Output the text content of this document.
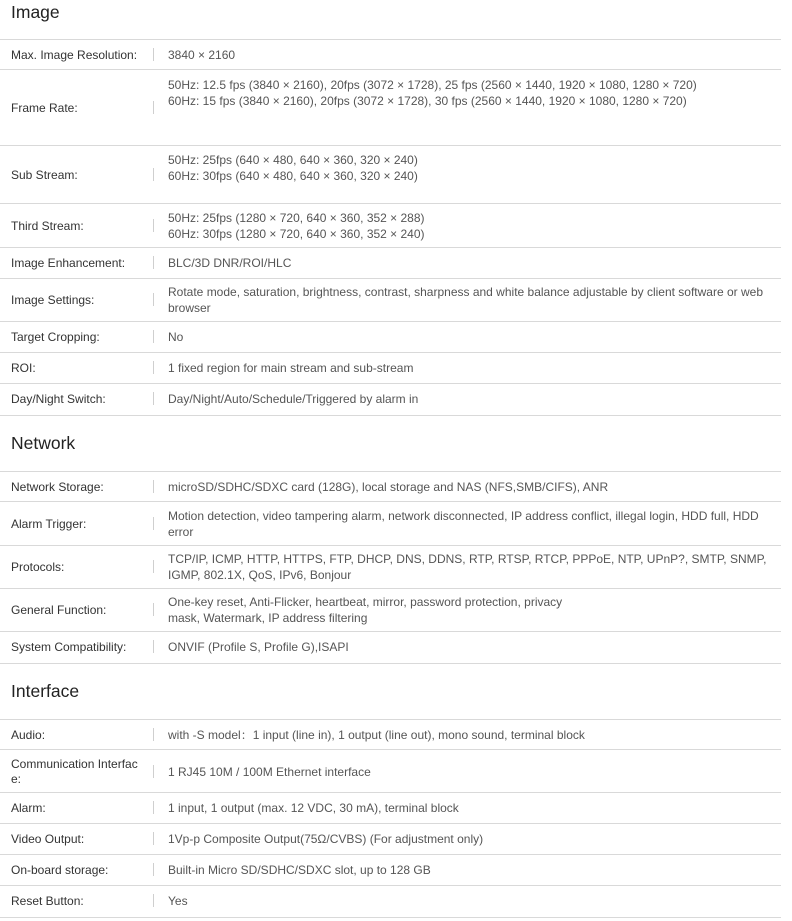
Image
Max. Image Resolution:	3840 × 2160
Frame Rate:
50Hz: 12.5 fps (3840 × 2160), 20fps (3072 × 1728), 25 fps (2560 × 1440, 1920 × 1080, 1280 × 720)
60Hz: 15 fps (3840 × 2160), 20fps (3072 × 1728), 30 fps (2560 × 1440, 1920 × 1080, 1280 × 720)
Sub Stream:
50Hz: 25fps (640 × 480, 640 × 360, 320 × 240)
60Hz: 30fps (640 × 480, 640 × 360, 320 × 240)
Third Stream:
50Hz: 25fps (1280 × 720, 640 × 360, 352 × 288)
60Hz: 30fps (1280 × 720, 640 × 360, 352 × 240)
Image Enhancement:	BLC/3D DNR/ROI/HLC
Image Settings:
Rotate mode, saturation, brightness, contrast, sharpness and white balance adjustable by client software or web
browser
Target Cropping:	No
ROI:	1 fixed region for main stream and sub-stream
Day/Night Switch:	Day/Night/Auto/Schedule/Triggered by alarm in
Network
Network Storage:	microSD/SDHC/SDXC card (128G), local storage and NAS (NFS,SMB/CIFS), ANR
Alarm Trigger:
Motion detection, video tampering alarm, network disconnected, IP address conflict, illegal login, HDD full, HDD
error
Protocols:
TCP/IP, ICMP, HTTP, HTTPS, FTP, DHCP, DNS, DDNS, RTP, RTSP, RTCP, PPPoE, NTP, UPnP?, SMTP, SNMP,
IGMP, 802.1X, QoS, IPv6, Bonjour
General Function:
One-key reset, Anti-Flicker, heartbeat, mirror, password protection, privacy
mask, Watermark, IP address filtering
System Compatibility:	ONVIF (Profile S, Profile G),ISAPI
Interface
Audio:	with -S model：1 input (line in), 1 output (line out), mono sound, terminal block
Communication Interfac
e:	1 RJ45 10M / 100M Ethernet interface
Alarm:	1 input, 1 output (max. 12 VDC, 30 mA), terminal block
Video Output:	1Vp-p Composite Output(75Ω/CVBS) (For adjustment only)
On-board storage:	Built-in Micro SD/SDHC/SDXC slot, up to 128 GB
Reset Button:	Yes
